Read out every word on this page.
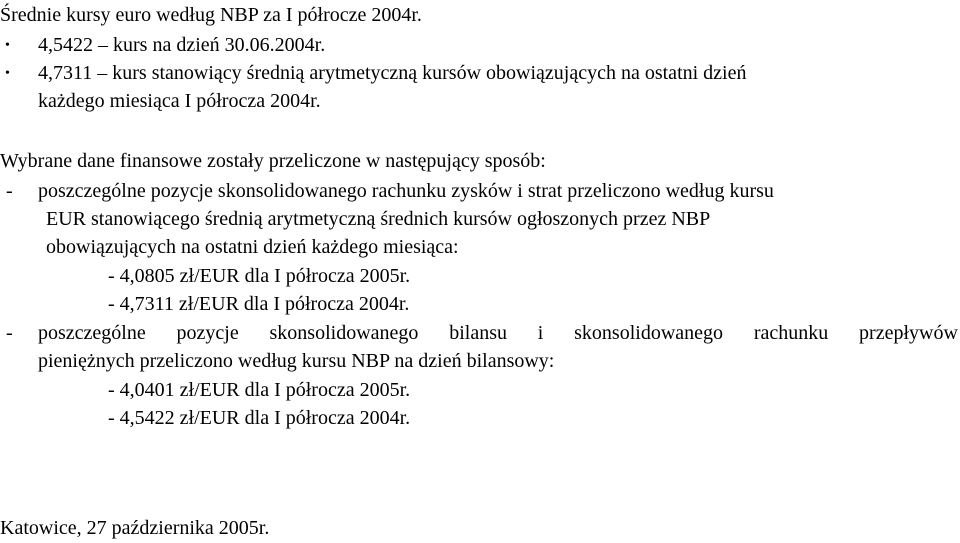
Średnie kursy euro według NBP za I półrocze 2004r.
• 4,5422 – kurs na dzień 30.06.2004r.
• 4,7311 – kurs stanowiący średnią arytmetyczną kursów obowiązujących na ostatni dzień
każdego miesiąca I półrocza 2004r.
Wybrane dane finansowe zostały przeliczone w następujący sposób:
- poszczególne pozycje skonsolidowanego rachunku zysków i strat przeliczono według kursu
EUR stanowiącego średnią arytmetyczną średnich kursów ogłoszonych przez NBP
obowiązujących na ostatni dzień każdego miesiąca:
- 4,0805 zł/EUR dla I półrocza 2005r.
- 4,7311 zł/EUR dla I półrocza 2004r.
- poszczególne pozycje skonsolidowanego bilansu i skonsolidowanego rachunku przepływów
pieniężnych przeliczono według kursu NBP na dzień bilansowy:
- 4,0401 zł/EUR dla I półrocza 2005r.
- 4,5422 zł/EUR dla I półrocza 2004r.
Katowice, 27 października 2005r.
